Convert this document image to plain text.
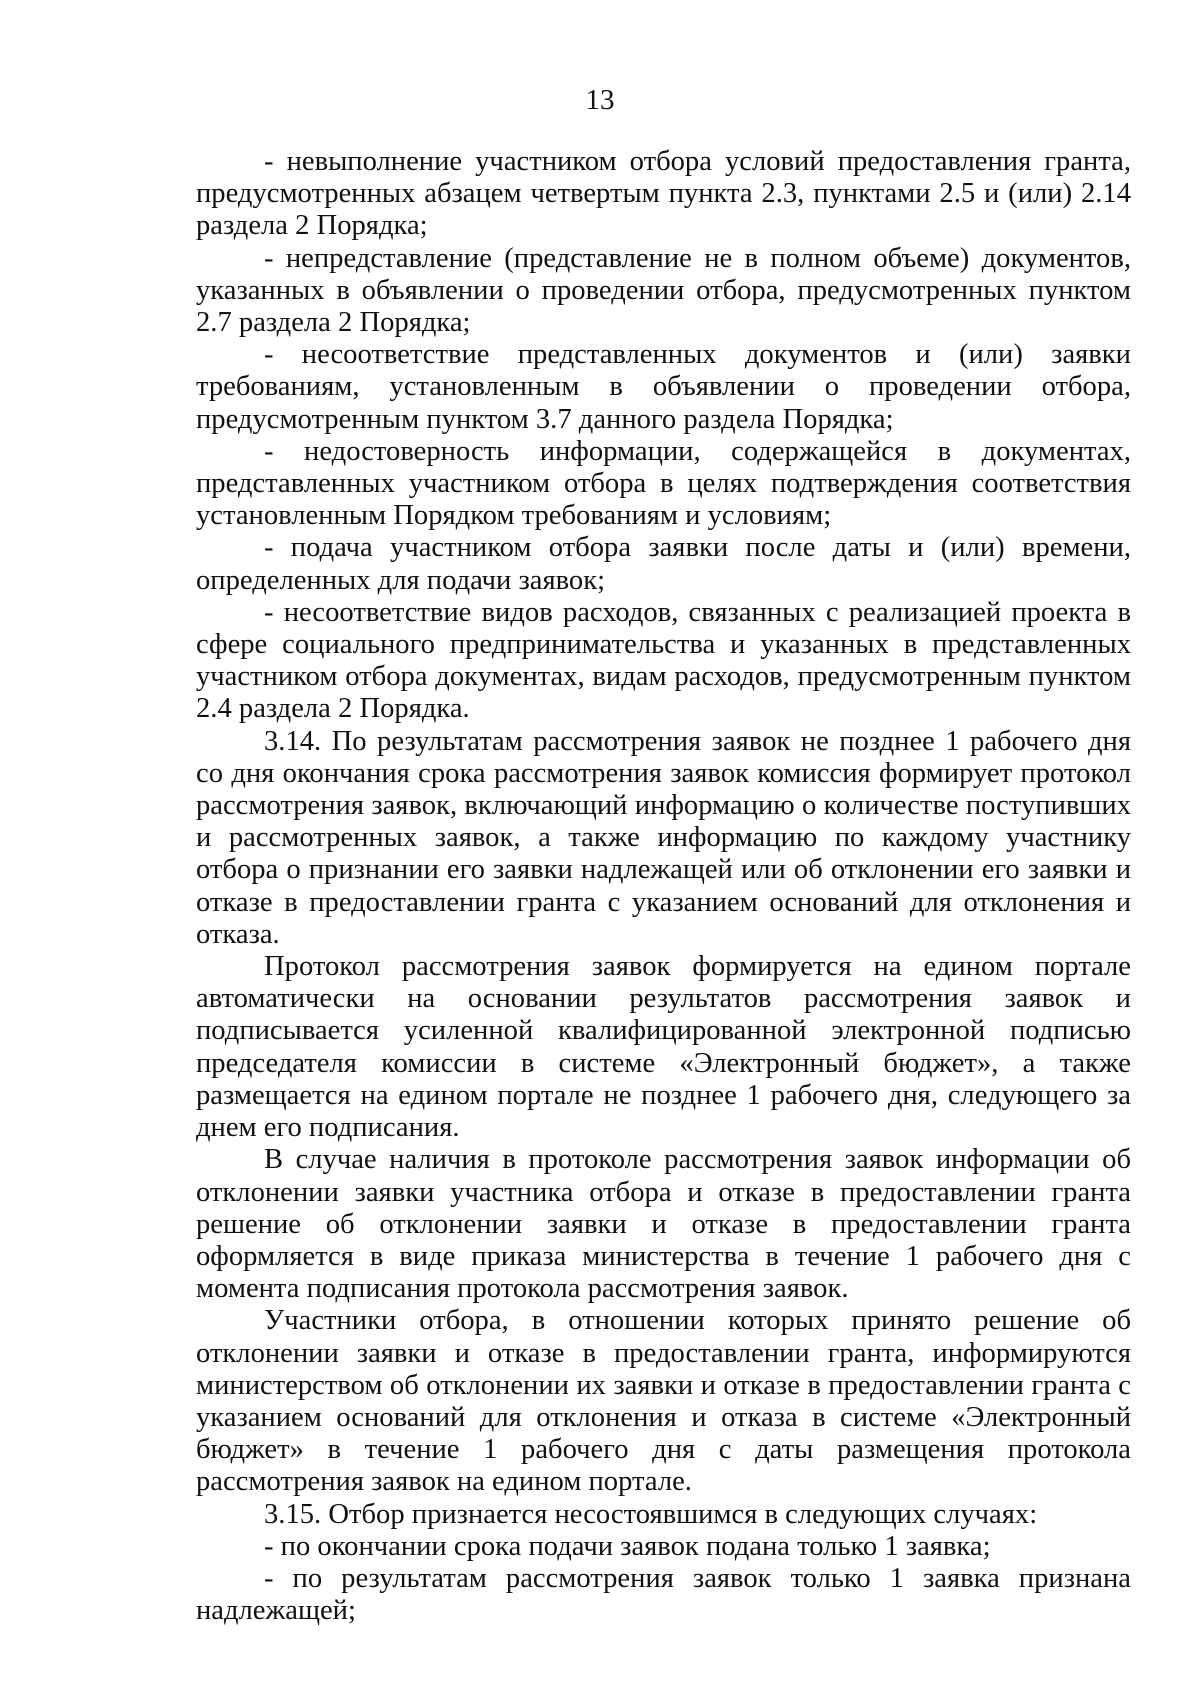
13

- невыполнение участником отбора условий предоставления гранта, предусмотренных абзацем четвертым пункта 2.3, пунктами 2.5 и (или) 2.14 раздела 2 Порядка;

- непредставление (представление не в полном объеме) документов, указанных в объявлении о проведении отбора, предусмотренных пунктом 2.7 раздела 2 Порядка;

- несоответствие представленных документов и (или) заявки требованиям, установленным в объявлении о проведении отбора, предусмотренным пунктом 3.7 данного раздела Порядка;

- недостоверность информации, содержащейся в документах, представленных участником отбора в целях подтверждения соответствия установленным Порядком требованиям и условиям;

- подача участником отбора заявки после даты и (или) времени, определенных для подачи заявок;

- несоответствие видов расходов, связанных с реализацией проекта в сфере социального предпринимательства и указанных в представленных участником отбора документах, видам расходов, предусмотренным пунктом 2.4 раздела 2 Порядка.

3.14. По результатам рассмотрения заявок не позднее 1 рабочего дня со дня окончания срока рассмотрения заявок комиссия формирует протокол рассмотрения заявок, включающий информацию о количестве поступивших и рассмотренных заявок, а также информацию по каждому участнику отбора о признании его заявки надлежащей или об отклонении его заявки и отказе в предоставлении гранта с указанием оснований для отклонения и отказа.

Протокол рассмотрения заявок формируется на едином портале автоматически на основании результатов рассмотрения заявок и подписывается усиленной квалифицированной электронной подписью председателя комиссии в системе «Электронный бюджет», а также размещается на едином портале не позднее 1 рабочего дня, следующего за днем его подписания.

В случае наличия в протоколе рассмотрения заявок информации об отклонении заявки участника отбора и отказе в предоставлении гранта решение об отклонении заявки и отказе в предоставлении гранта оформляется в виде приказа министерства в течение 1 рабочего дня с момента подписания протокола рассмотрения заявок.

Участники отбора, в отношении которых принято решение об отклонении заявки и отказе в предоставлении гранта, информируются министерством об отклонении их заявки и отказе в предоставлении гранта с указанием оснований для отклонения и отказа в системе «Электронный бюджет» в течение 1 рабочего дня с даты размещения протокола рассмотрения заявок на едином портале.

3.15. Отбор признается несостоявшимся в следующих случаях:

- по окончании срока подачи заявок подана только 1 заявка;

- по результатам рассмотрения заявок только 1 заявка признана надлежащей;
